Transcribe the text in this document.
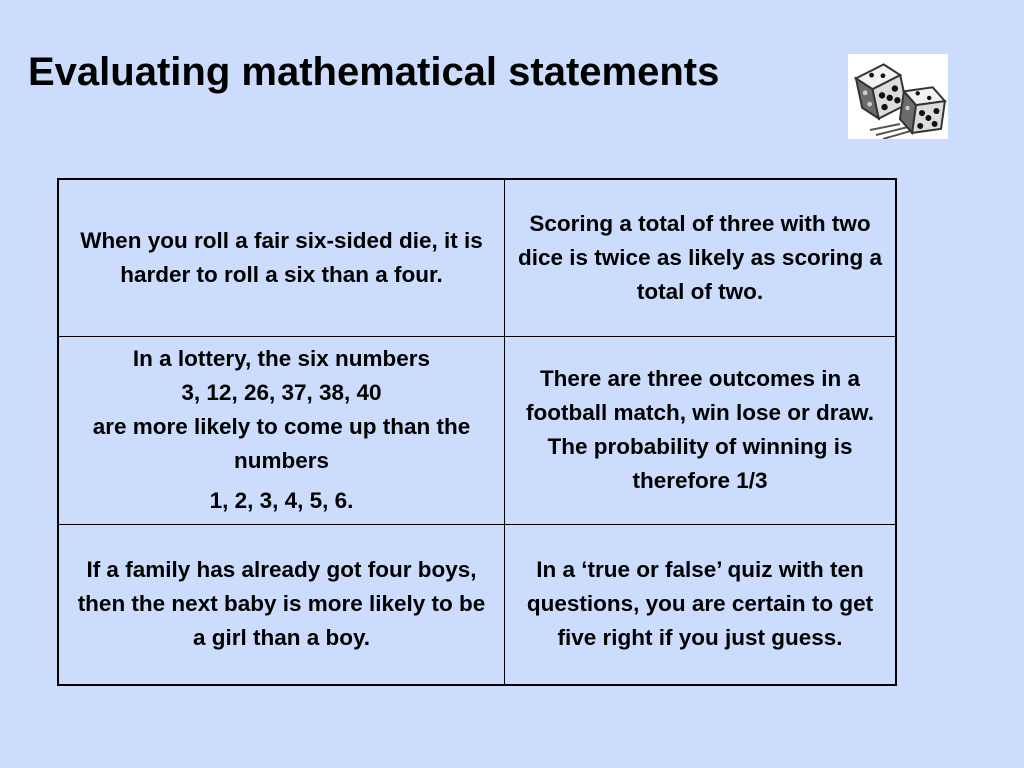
Evaluating mathematical statements
When you roll a fair six-sided die, it is harder to roll a six than a four.	Scoring a total of three with two dice is twice as likely as scoring a total of two.

In a lottery, the six numbers
3, 12, 26, 37, 38, 40
are more likely to come up than the numbers
1, 2, 3, 4, 5, 6.	There are three outcomes in a football match, win lose or draw. The probability of winning is therefore 1/3
If a family has already got four boys, then the next baby is more likely to be a girl than a boy.	In a ‘true or false’ quiz with ten questions, you are certain to get five right if you just guess.
